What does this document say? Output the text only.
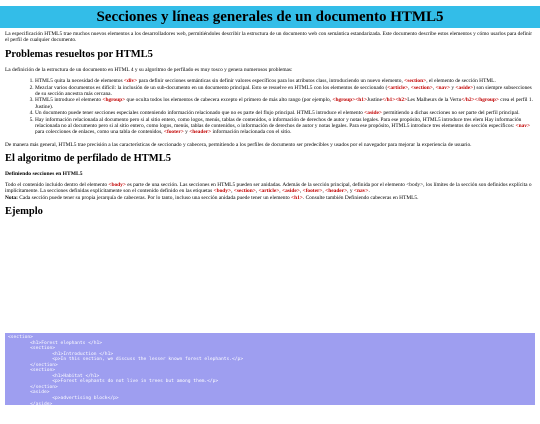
Secciones y líneas generales de un documento HTML5

La especificación HTML5 trae muchos nuevos elementos a los desarrolladores web, permitiéndoles describir la estructura de un documento web con semántica estandarizada. Este documento describe estos elementos y cómo usarlos para definir el perfil de cualquier documento.

Problemas resueltos por HTML5

La definición de la estructura de un documento en HTML 4 y su algoritmo de perfilado es muy tosco y genera numerosos problemas:

1. HTML5 quita la necesidad de elementos <div> para definir secciones semánticas sin definir valores específicos para los atributos class, introduciendo un nuevo elemento, <section>, el elemento de sección HTML.
2. Mezclar varios documentos es difícil: la inclusión de un sub-documento en un documento principal. Esto se resuelve en HTML5 con los elementos de seccionado (<article>, <section>, <nav> y <aside>) son siempre subsecciones de su sección ancestra más cercana.
3. HTML5 introduce el elemento <hgroup> que oculta todos los elementos de cabecera excepto el primero de más alto rango (por ejemplo, <hgroup><h1>Justine</h1><h2>Les Malheurs de la Vertu</h2></hgroup> crea el perfil 1. Justine).
4. Un documento puede tener secciones especiales conteniendo información relacionado que no es parte del flujo principal. HTML5 introduce el elemento <aside> permitiendo a dichas secciones no ser parte del perfil principal.
5. Hay información relacionada al documento pero si al sitio entero, como logos, menús, tablas de contenidos, o información de derechos de autor y notas legales. Para ese propósito, HTML5 introduce tres elem Hay información relacionada no al documento pero si al sitio entero, como logos, menús, tablas de contenidos, o información de derechos de autor y notas legales. Para ese propósito, HTML5 introduce tres elementos de sección específicos: <nav> para colecciones de enlaces, como una tabla de contenidos, <footer> y <header> información relacionada con el sitio.

De manera más general, HTML5 trae precisión a las características de seccionado y cabecera, permitiendo a los perfiles de documento ser predecibles y usados por el navegador para mejorar la experiencia de usuario.

El algoritmo de perfilado de HTML5
Definiendo secciones en HTML5

Todo el contenido incluido dentro del elemento <body> es parte de una sección. Las secciones en HTML5 pueden ser anidadas. Además de la sección principal, definida por el elemento <body>, los límites de la sección son definidos explícita o implícitamente. La secciones definidas explícitamente son el contenido definido en las etiquetas <body>, <section>, <article>, <aside>, <footer>, <header>, y <nav>.

Nota: Cada sección puede tener su propia jerarquía de cabeceras. Por lo tanto, incluso una sección anidada puede tener un elemento <h1>. Consulte también Definiendo cabeceras en HTML5.

Ejemplo
<section>
<h1>Forest elephants </h1>
<section>
<h1>Introduction </h1>
<p>In this section, we discuss the lesser known forest elephants.</p>
</section>
<section>
<h1>Habitat </h1>
<p>Forest elephants do not live in trees but among them.</p>
</section>
<aside>
<p>advertising block</p>
</aside>
</section>
<footer>
<p>(c) 2010 The Example company</p>
